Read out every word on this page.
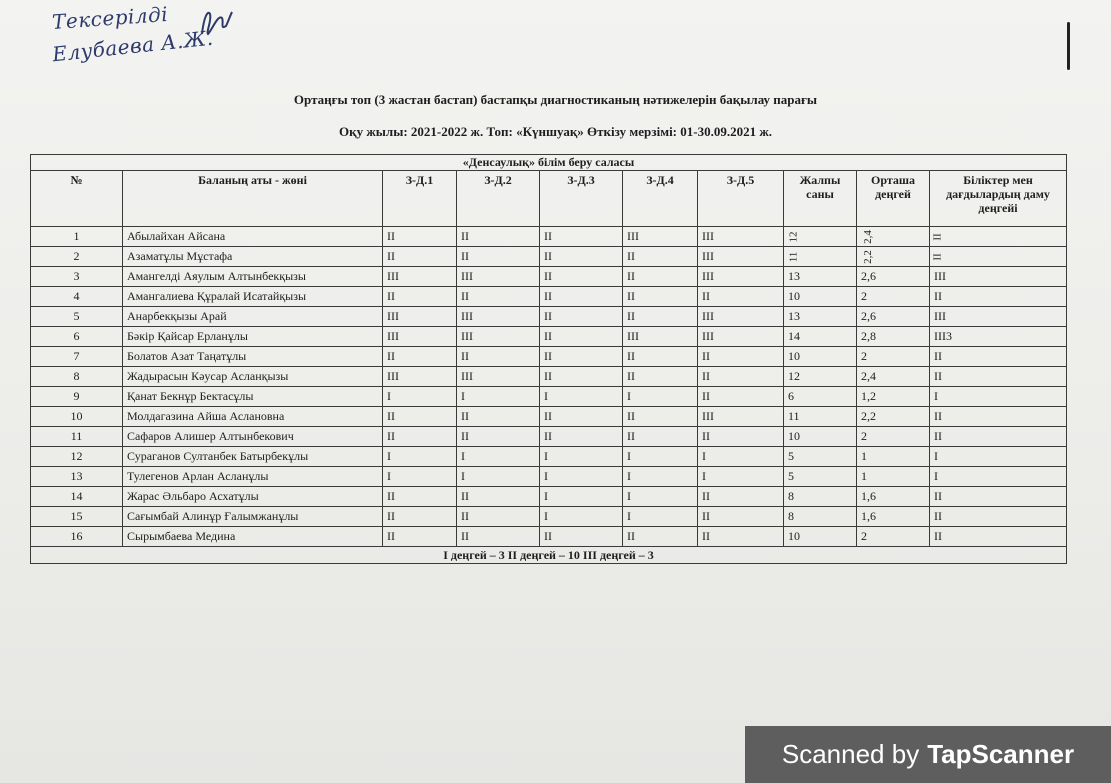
Тексерілді
Елубаева А.Ж.
Ортаңғы топ (3 жастан бастап) бастапқы диагностиканың нәтижелерін бақылау парағы
Оқу жылы: 2021-2022 ж. Топ: «Күншуақ» Өткізу мерзімі: 01-30.09.2021 ж.
«Денсаулық» білім беру саласы									
№	Баланың аты - жөні	З-Д.1	З-Д.2	З-Д.3	З-Д.4	З-Д.5	Жалпы саны	Орташа деңгей	Біліктер мен дағдылардың даму деңгейі
1	Абылайхан Айсана	II	II	II	III	III	12	2,4	II
2	Азаматұлы Мұстафа	II	II	II	II	III	11	2,2	II
3	Амангелді Аяулым Алтынбекқызы	III	III	II	II	III	13	2,6	III
4	Амангалиева Құралай Исатайқызы	II	II	II	II	II	10	2	II
5	Анарбекқызы Арай	III	III	II	II	III	13	2,6	III
6	Бәкір Қайсар Ерланұлы	III	III	II	III	III	14	2,8	III3
7	Болатов Азат Таңатұлы	II	II	II	II	II	10	2	II
8	Жадырасын Кәусар Асланқызы	III	III	II	II	II	12	2,4	II
9	Қанат Бекнұр Бектасұлы	I	I	I	I	II	6	1,2	I
10	Молдагазина Айша Аслановна	II	II	II	II	III	11	2,2	II
11	Сафаров Алишер Алтынбекович	II	II	II	II	II	10	2	II
12	Сураганов Султанбек Батырбекұлы	I	I	I	I	I	5	1	I
13	Тулегенов Арлан Асланұлы	I	I	I	I	I	5	1	I
14	Жарас Әльбаро Асхатұлы	II	II	I	I	II	8	1,6	II
15	Сағымбай Алинұр Ғалымжанұлы	II	II	I	I	II	8	1,6	II
16	Сырымбаева Медина	II	II	II	II	II	10	2	II
I деңгей – 3 II деңгей – 10 III деңгей – 3									
Scanned by TapScanner
